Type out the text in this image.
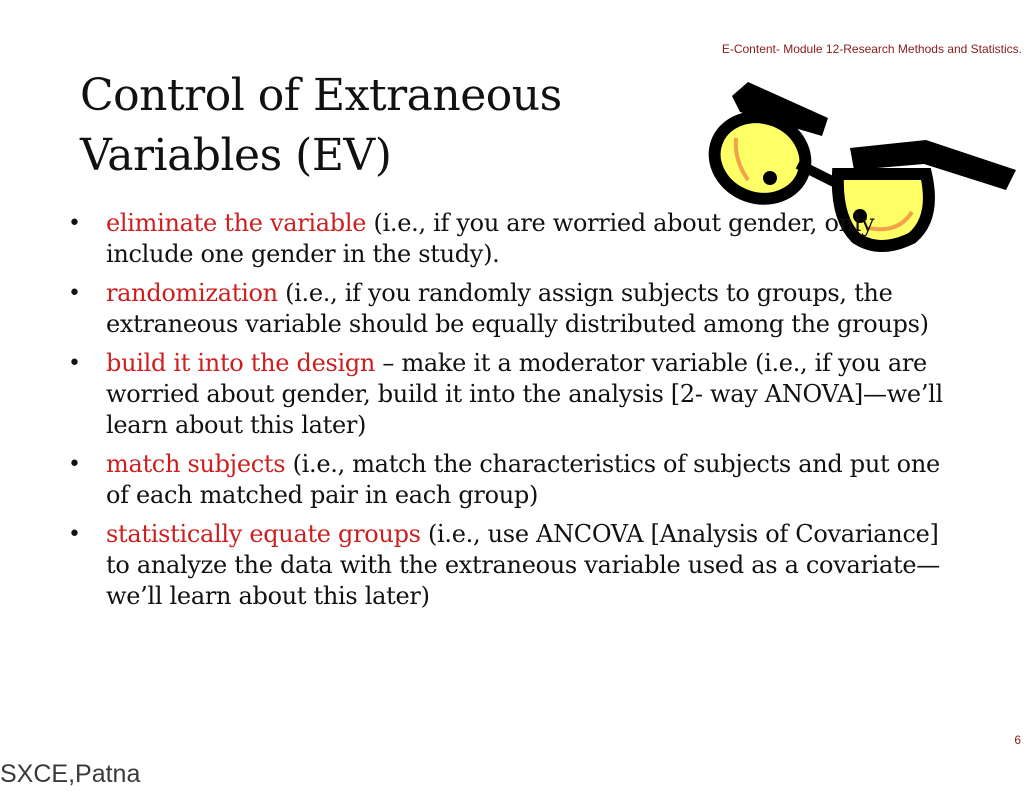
E-Content- Module 12-Research Methods and Statistics.
Control of Extraneous
Variables (EV)
• eliminate the variable (i.e., if you are worried about gender, only include one gender in the study).
• randomization (i.e., if you randomly assign subjects to groups, the extraneous variable should be equally distributed among the groups)
• build it into the design – make it a moderator variable (i.e., if you are worried about gender, build it into the analysis [2- way ANOVA]—we’ll learn about this later)
• match subjects (i.e., match the characteristics of subjects and put one of each matched pair in each group)
• statistically equate groups (i.e., use ANCOVA [Analysis of Covariance] to analyze the data with the extraneous variable used as a covariate—we’ll learn about this later)
6
SXCE,Patna
